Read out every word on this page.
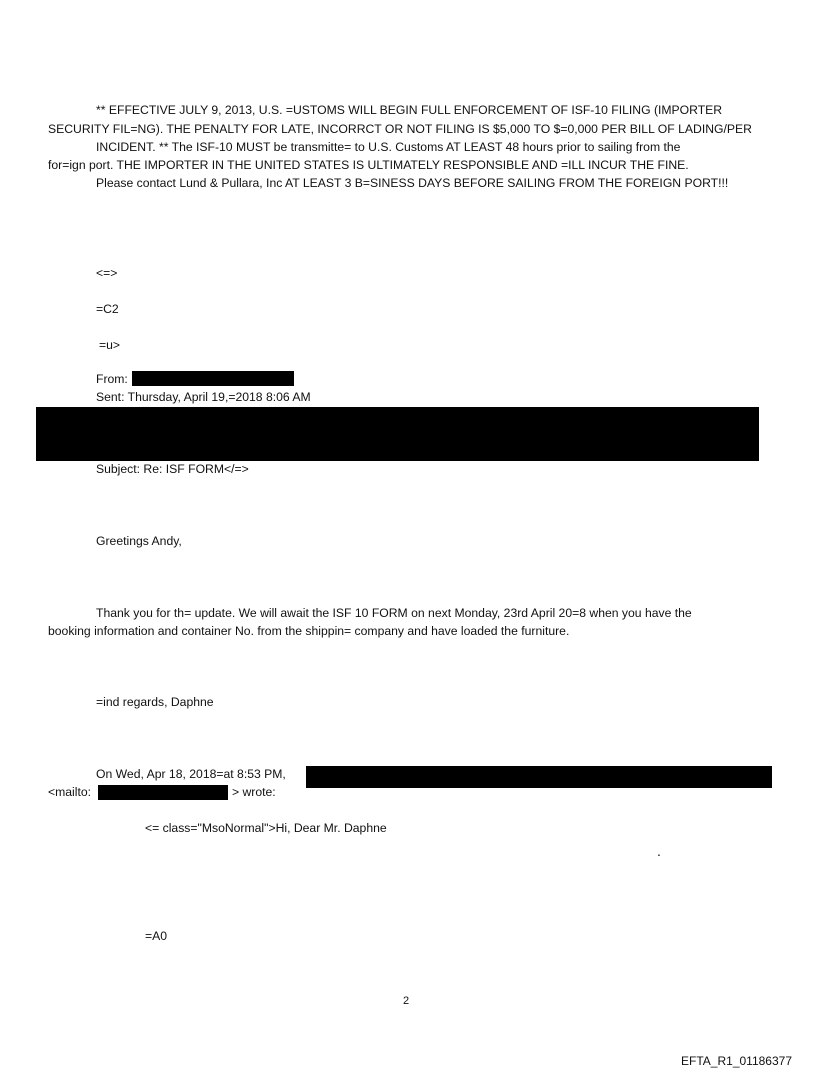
** EFFECTIVE JULY 9, 2013, U.S. =USTOMS WILL BEGIN FULL ENFORCEMENT OF ISF-10 FILING (IMPORTER
SECURITY FIL=NG). THE PENALTY FOR LATE, INCORRCT OR NOT FILING IS $5,000 TO $=0,000 PER BILL OF LADING/PER
INCIDENT. ** The ISF-10 MUST be transmitte= to U.S. Customs AT LEAST 48 hours prior to sailing from the
for=ign port. THE IMPORTER IN THE UNITED STATES IS ULTIMATELY RESPONSIBLE AND =ILL INCUR THE FINE.
Please contact Lund & Pullara, Inc AT LEAST 3 B=SINESS DAYS BEFORE SAILING FROM THE FOREIGN PORT!!!
<=>
=C2
=u>
From:
Sent: Thursday, April 19,=2018 8:06 AM
Subject: Re: ISF FORM</=>
Greetings Andy,
Thank you for th= update. We will await the ISF 10 FORM on next Monday, 23rd April 20=8 when you have the
booking information and container No. from the shippin= company and have loaded the furniture.
=ind regards, Daphne
On Wed, Apr 18, 2018=at 8:53 PM,
<mailto:	> wrote:
<= class="MsoNormal">Hi, Dear Mr. Daphne
.
=A0
2
EFTA_R1_01186377
